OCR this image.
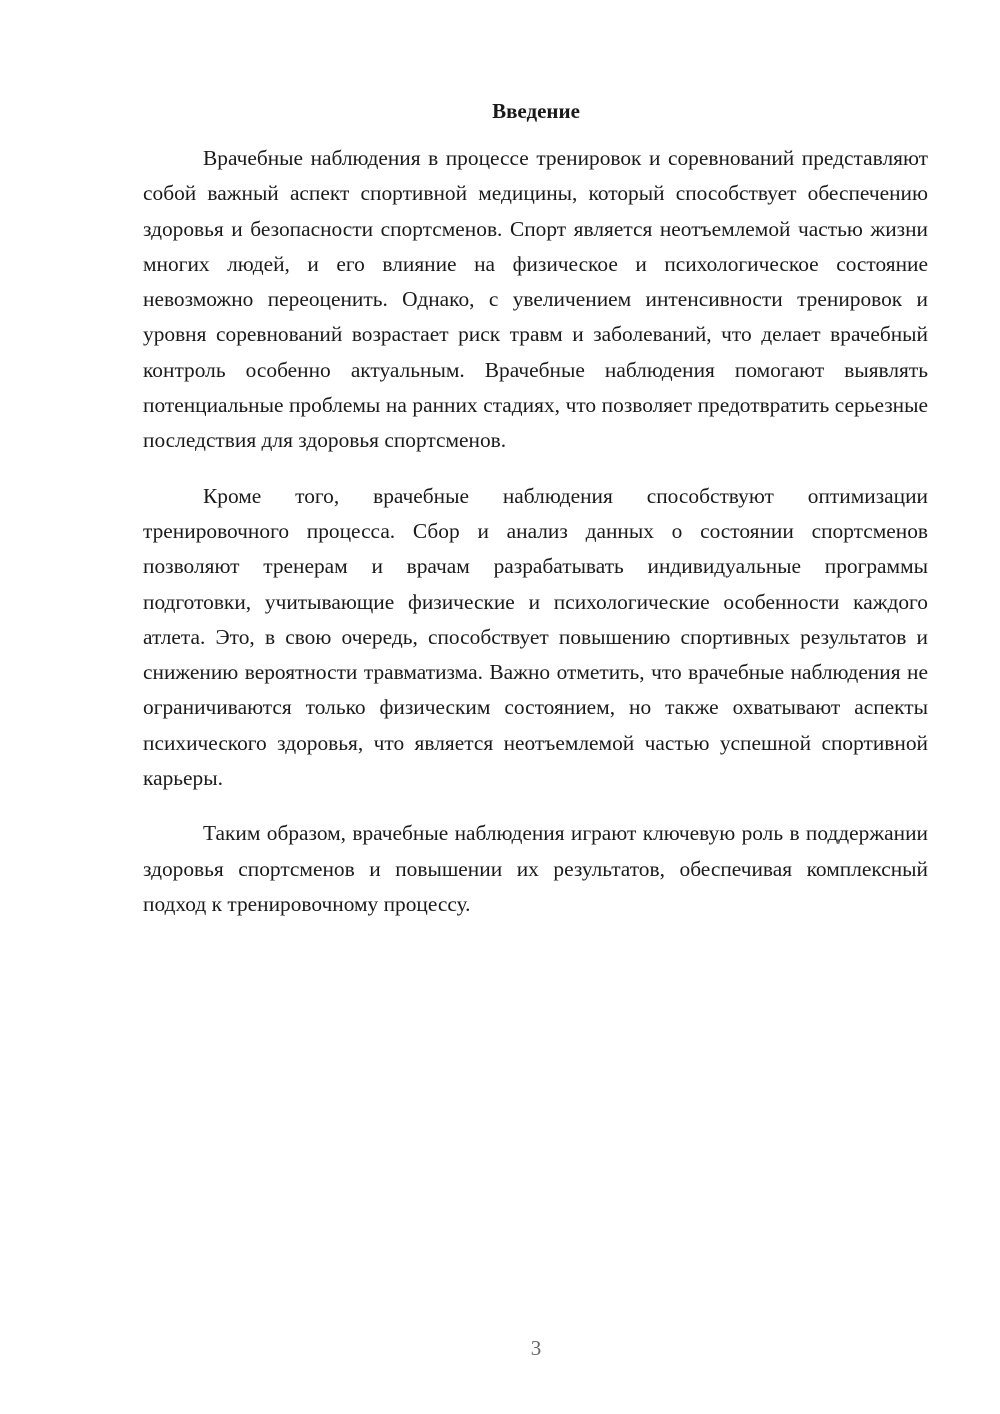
Введение

Врачебные наблюдения в процессе тренировок и соревнований представляют собой важный аспект спортивной медицины, который способствует обеспечению здоровья и безопасности спортсменов. Спорт является неотъемлемой частью жизни многих людей, и его влияние на физическое и психологическое состояние невозможно переоценить. Однако, с увеличением интенсивности тренировок и уровня соревнований возрастает риск травм и заболеваний, что делает врачебный контроль особенно актуальным. Врачебные наблюдения помогают выявлять потенциальные проблемы на ранних стадиях, что позволяет предотвратить серьезные последствия для здоровья спортсменов.

Кроме того, врачебные наблюдения способствуют оптимизации тренировочного процесса. Сбор и анализ данных о состоянии спортсменов позволяют тренерам и врачам разрабатывать индивидуальные программы подготовки, учитывающие физические и психологические особенности каждого атлета. Это, в свою очередь, способствует повышению спортивных результатов и снижению вероятности травматизма. Важно отметить, что врачебные наблюдения не ограничиваются только физическим состоянием, но также охватывают аспекты психического здоровья, что является неотъемлемой частью успешной спортивной карьеры.

Таким образом, врачебные наблюдения играют ключевую роль в поддержании здоровья спортсменов и повышении их результатов, обеспечивая комплексный подход к тренировочному процессу.

3
